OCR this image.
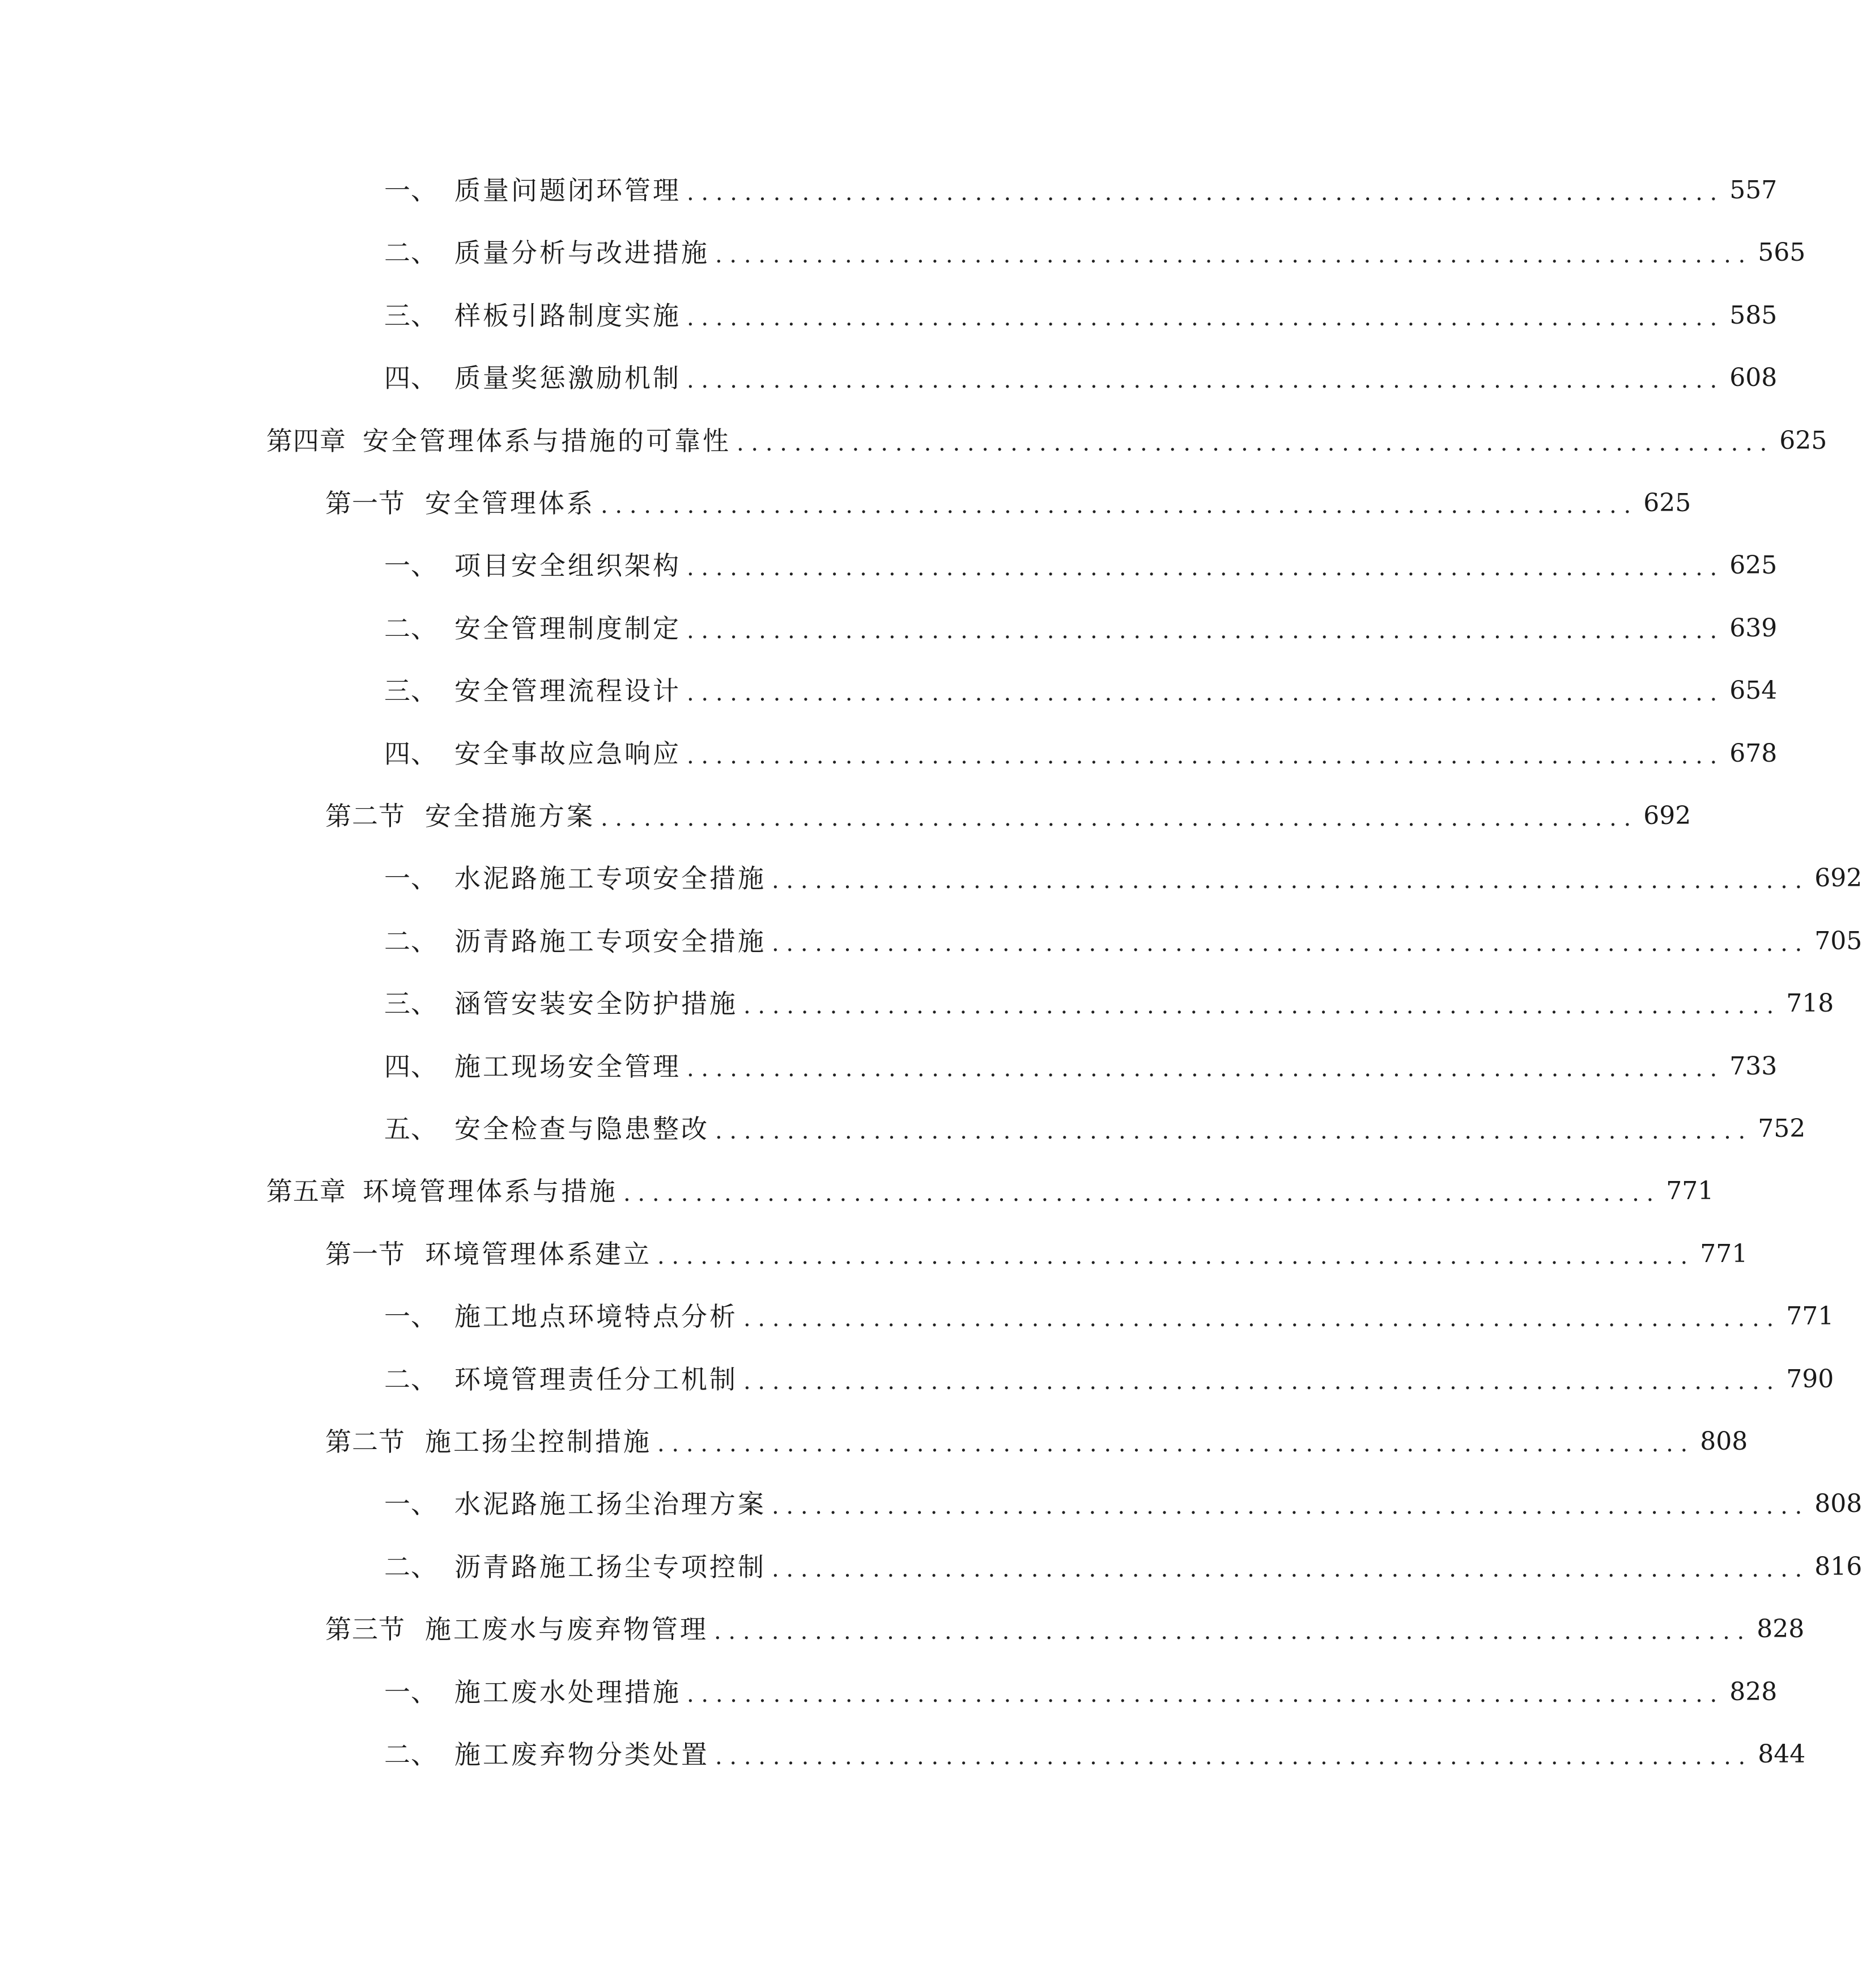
一、 质量问题闭环管理 . . . . . . . . . . . . . . . . . . . . . . . . . . . . . . . . . . . . . . . . . . . . . . . . . . . . . . . . . . . . . . . . . . . . . . . . 557
二、 质量分析与改进措施 . . . . . . . . . . . . . . . . . . . . . . . . . . . . . . . . . . . . . . . . . . . . . . . . . . . . . . . . . . . . . . . . . . . . . . . . 565
三、 样板引路制度实施 . . . . . . . . . . . . . . . . . . . . . . . . . . . . . . . . . . . . . . . . . . . . . . . . . . . . . . . . . . . . . . . . . . . . . . . . 585
四、 质量奖惩激励机制 . . . . . . . . . . . . . . . . . . . . . . . . . . . . . . . . . . . . . . . . . . . . . . . . . . . . . . . . . . . . . . . . . . . . . . . . 608
第四章 安全管理体系与措施的可靠性 . . . . . . . . . . . . . . . . . . . . . . . . . . . . . . . . . . . . . . . . . . . . . . . . . . . . . . . . . . . . . . . . . . . . . . . . 625
第一节 安全管理体系 . . . . . . . . . . . . . . . . . . . . . . . . . . . . . . . . . . . . . . . . . . . . . . . . . . . . . . . . . . . . . . . . . . . . . . . . 625
一、 项目安全组织架构 . . . . . . . . . . . . . . . . . . . . . . . . . . . . . . . . . . . . . . . . . . . . . . . . . . . . . . . . . . . . . . . . . . . . . . . . 625
二、 安全管理制度制定 . . . . . . . . . . . . . . . . . . . . . . . . . . . . . . . . . . . . . . . . . . . . . . . . . . . . . . . . . . . . . . . . . . . . . . . . 639
三、 安全管理流程设计 . . . . . . . . . . . . . . . . . . . . . . . . . . . . . . . . . . . . . . . . . . . . . . . . . . . . . . . . . . . . . . . . . . . . . . . . 654
四、 安全事故应急响应 . . . . . . . . . . . . . . . . . . . . . . . . . . . . . . . . . . . . . . . . . . . . . . . . . . . . . . . . . . . . . . . . . . . . . . . . 678
第二节 安全措施方案 . . . . . . . . . . . . . . . . . . . . . . . . . . . . . . . . . . . . . . . . . . . . . . . . . . . . . . . . . . . . . . . . . . . . . . . . 692
一、 水泥路施工专项安全措施 . . . . . . . . . . . . . . . . . . . . . . . . . . . . . . . . . . . . . . . . . . . . . . . . . . . . . . . . . . . . . . . . . . . . . . . . 692
二、 沥青路施工专项安全措施 . . . . . . . . . . . . . . . . . . . . . . . . . . . . . . . . . . . . . . . . . . . . . . . . . . . . . . . . . . . . . . . . . . . . . . . . 705
三、 涵管安装安全防护措施 . . . . . . . . . . . . . . . . . . . . . . . . . . . . . . . . . . . . . . . . . . . . . . . . . . . . . . . . . . . . . . . . . . . . . . . . 718
四、 施工现场安全管理 . . . . . . . . . . . . . . . . . . . . . . . . . . . . . . . . . . . . . . . . . . . . . . . . . . . . . . . . . . . . . . . . . . . . . . . . 733
五、 安全检查与隐患整改 . . . . . . . . . . . . . . . . . . . . . . . . . . . . . . . . . . . . . . . . . . . . . . . . . . . . . . . . . . . . . . . . . . . . . . . . 752
第五章 环境管理体系与措施 . . . . . . . . . . . . . . . . . . . . . . . . . . . . . . . . . . . . . . . . . . . . . . . . . . . . . . . . . . . . . . . . . . . . . . . . 771
第一节 环境管理体系建立 . . . . . . . . . . . . . . . . . . . . . . . . . . . . . . . . . . . . . . . . . . . . . . . . . . . . . . . . . . . . . . . . . . . . . . . . 771
一、 施工地点环境特点分析 . . . . . . . . . . . . . . . . . . . . . . . . . . . . . . . . . . . . . . . . . . . . . . . . . . . . . . . . . . . . . . . . . . . . . . . . 771
二、 环境管理责任分工机制 . . . . . . . . . . . . . . . . . . . . . . . . . . . . . . . . . . . . . . . . . . . . . . . . . . . . . . . . . . . . . . . . . . . . . . . . 790
第二节 施工扬尘控制措施 . . . . . . . . . . . . . . . . . . . . . . . . . . . . . . . . . . . . . . . . . . . . . . . . . . . . . . . . . . . . . . . . . . . . . . . . 808
一、 水泥路施工扬尘治理方案 . . . . . . . . . . . . . . . . . . . . . . . . . . . . . . . . . . . . . . . . . . . . . . . . . . . . . . . . . . . . . . . . . . . . . . . . 808
二、 沥青路施工扬尘专项控制 . . . . . . . . . . . . . . . . . . . . . . . . . . . . . . . . . . . . . . . . . . . . . . . . . . . . . . . . . . . . . . . . . . . . . . . . 816
第三节 施工废水与废弃物管理 . . . . . . . . . . . . . . . . . . . . . . . . . . . . . . . . . . . . . . . . . . . . . . . . . . . . . . . . . . . . . . . . . . . . . . . . 828
一、 施工废水处理措施 . . . . . . . . . . . . . . . . . . . . . . . . . . . . . . . . . . . . . . . . . . . . . . . . . . . . . . . . . . . . . . . . . . . . . . . . 828
二、 施工废弃物分类处置 . . . . . . . . . . . . . . . . . . . . . . . . . . . . . . . . . . . . . . . . . . . . . . . . . . . . . . . . . . . . . . . . . . . . . . . . 844
